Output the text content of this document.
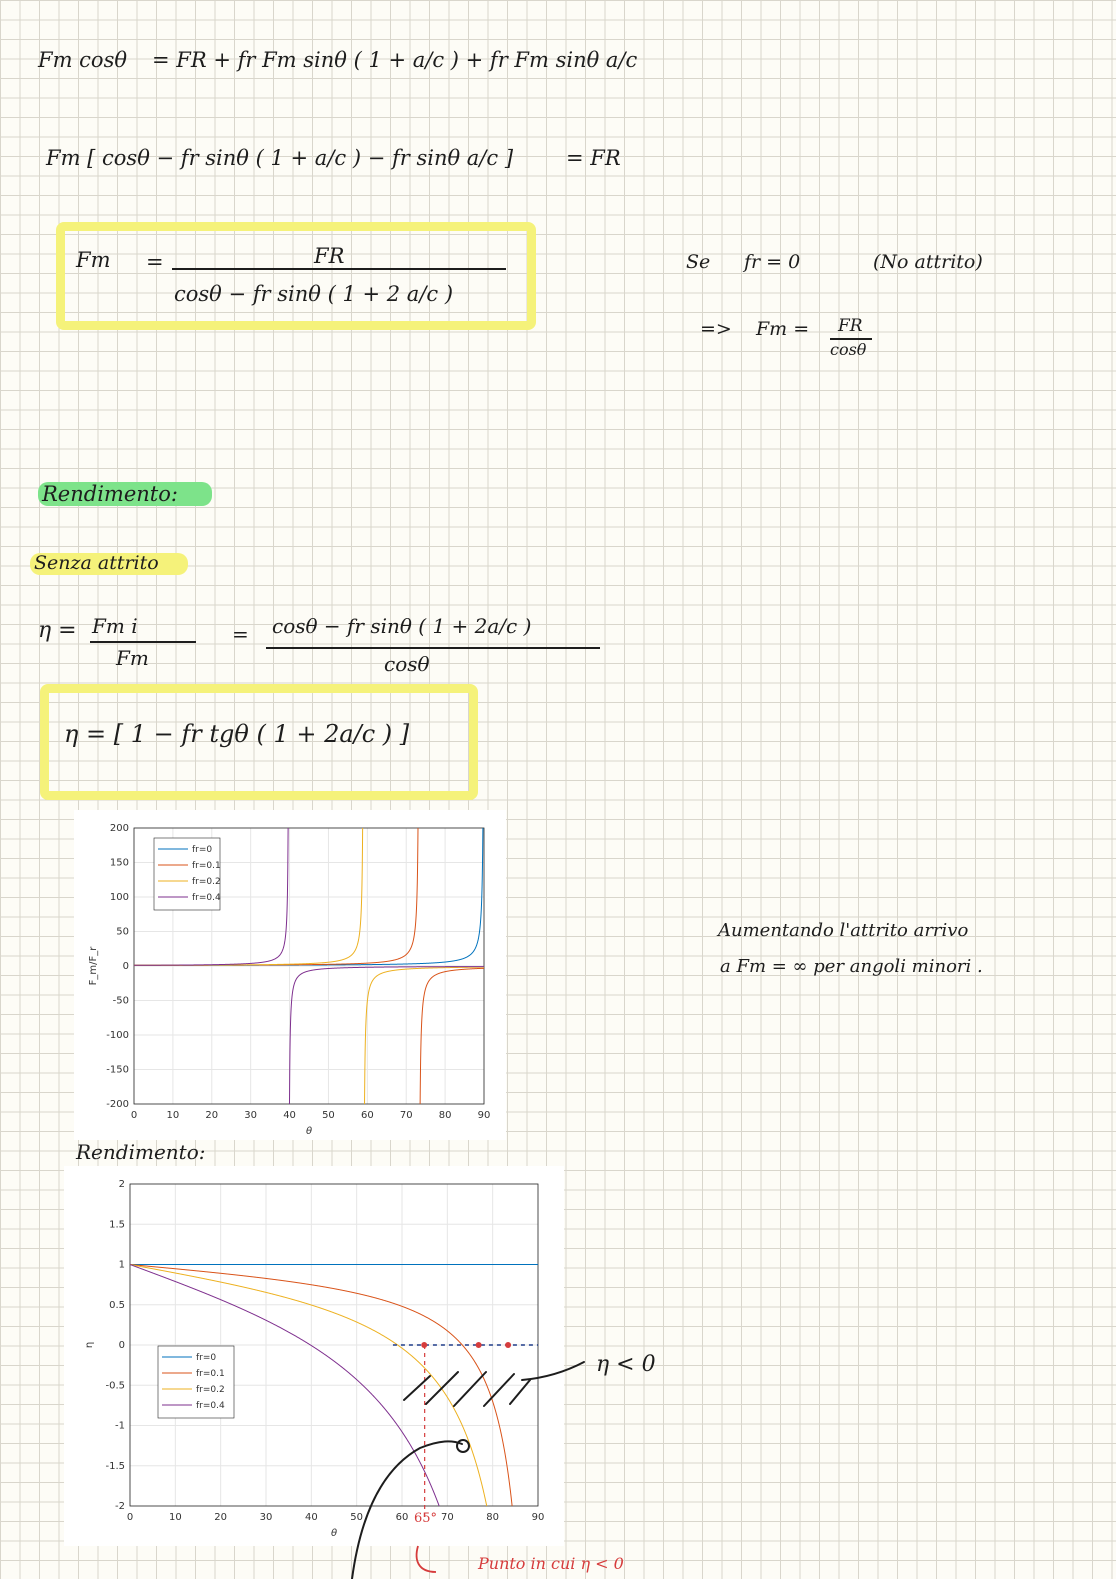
Fm cosθ = FR + fr Fm sinθ ( 1 + a/c ) + fr Fm sinθ a/c
Fm [ cosθ − fr sinθ ( 1 + a/c ) − fr sinθ a/c ]	= FR
Fm =	FR
cosθ − fr sinθ ( 1 + 2 a/c )
Se fr = 0	(No attrito)
=> Fm = FR
cosθ
Rendimento:
Senza attrito
η = Fm i
Fm
= cosθ − fr sinθ ( 1 + 2a/c )
cosθ
η = [ 1 − fr tgθ ( 1 + 2a/c ) ]
Aumentando l'attrito arrivo
a Fm = ∞ per angoli minori .
0	10	20	30	40	50	60	70	80	90
200
150
100
50
0
-50
-100
-150
-200
θ
F_m/F_r
fr=0
fr=0.1
fr=0.2
fr=0.4
Rendimento:
0	10	20	30	40	50	60	70	80	90
2
1.5
1
0.5
0
-0.5
-1
-1.5
-2
θ
η
fr=0
fr=0.1
fr=0.2
fr=0.4
η < 0
65°
Punto in cui η < 0
